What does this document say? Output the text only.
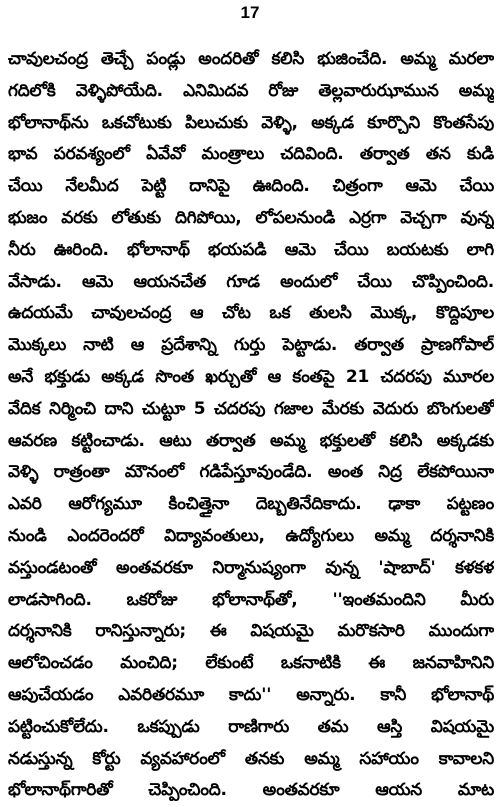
17
చావులచంద్ర తెచ్చే పండ్లు అందరితో కలిసి భుజించేది. అమ్మ మరలా
గదిలోకి వెళ్ళిపోయేది. ఎనిమిదవ రోజు తెల్లవారుఝామున అమ్మ
భోలానాథ్‌ను ఒకచోటుకు పిలుచుకు వెళ్ళి, అక్కడ కూర్చొని కొంతసేపు
భావ పరవశ్యంలో ఏవేవో మంత్రాలు చదివింది. తర్వాత తన కుడి
చేయి నేలమీద పెట్టి దానిపై ఊదింది. చిత్రంగా ఆమె చేయి
భుజం వరకు లోతుకు దిగిపోయి, లోపలనుండి ఎర్రగా వెచ్చగా వున్న
నీరు ఊరింది. భోలానాథ్ భయపడి ఆమె చేయి బయటకు లాగి
వేసాడు. ఆమె ఆయనచేత గూడ అందులో చేయి చొప్పించింది.
ఉదయమే చావులచంద్ర ఆ చోట ఒక తులసి మొక్క, కొద్దిపూల
మొక్కలు నాటి ఆ ప్రదేశాన్ని గుర్తు పెట్టాడు. తర్వాత ప్రాణగోపాల్
అనే భక్తుడు అక్కడ సొంత ఖర్చుతో ఆ కంతపై 21 చదరపు మూరల
వేదిక నిర్మించి దాని చుట్టూ 5 చదరపు గజాల మేరకు వెదురు బొంగులతో
ఆవరణ కట్టించాడు. ఆటు తర్వాత అమ్మ భక్తులతో కలిసి అక్కడకు
వెళ్ళి రాత్రంతా మౌనంలో గడిపేస్తూవుండేది. అంత నిద్ర లేకపోయినా
ఎవరి ఆరోగ్యమూ కించిత్తైనా దెబ్బతినేదికాదు. ఢాకా పట్టణం
నుండి ఎందరెందరో విద్యావంతులు, ఉద్యోగులు అమ్మ దర్శనానికి
వస్తుండటంతో అంతవరకూ నిర్మానుష్యంగా వున్న 'షాబాద్' కళకళ
లాడసాగింది. ఒకరోజు భోలానాథ్‌తో, ''ఇంతమందిని మీరు
దర్శనానికి రానిస్తున్నారు; ఈ విషయమై మరొకసారి ముందుగా
ఆలోచించడం మంచిది; లేకుంటే ఒకనాటికి ఈ జనవాహినిని
ఆపుచేయడం ఎవరితరమూ కాదు'' అన్నారు. కానీ భోలానాథ్
పట్టించుకోలేదు. ఒకప్పుడు రాణిగారు తమ ఆస్తి విషయమై
నడుస్తున్న కోర్టు వ్యవహారంలో తనకు అమ్మ సహాయం కావాలని
భోలానాథ్‌గారితో చెప్పించింది. అంతవరకూ ఆయన మాట
